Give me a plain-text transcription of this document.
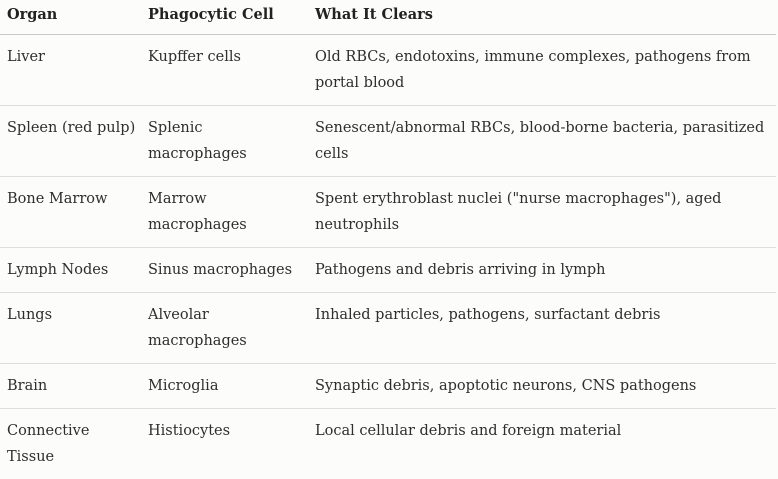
Organ	Phagocytic Cell	What It Clears
Liver	Kupffer cells	Old RBCs, endotoxins, immune complexes, pathogens from portal blood
Spleen (red pulp)	Splenic macrophages	Senescent/abnormal RBCs, blood-borne bacteria, parasitized cells
Bone Marrow	Marrow macrophages	Spent erythroblast nuclei ("nurse macrophages"), aged neutrophils
Lymph Nodes	Sinus macrophages	Pathogens and debris arriving in lymph
Lungs	Alveolar macrophages	Inhaled particles, pathogens, surfactant debris
Brain	Microglia	Synaptic debris, apoptotic neurons, CNS pathogens
Connective Tissue	Histiocytes	Local cellular debris and foreign material
